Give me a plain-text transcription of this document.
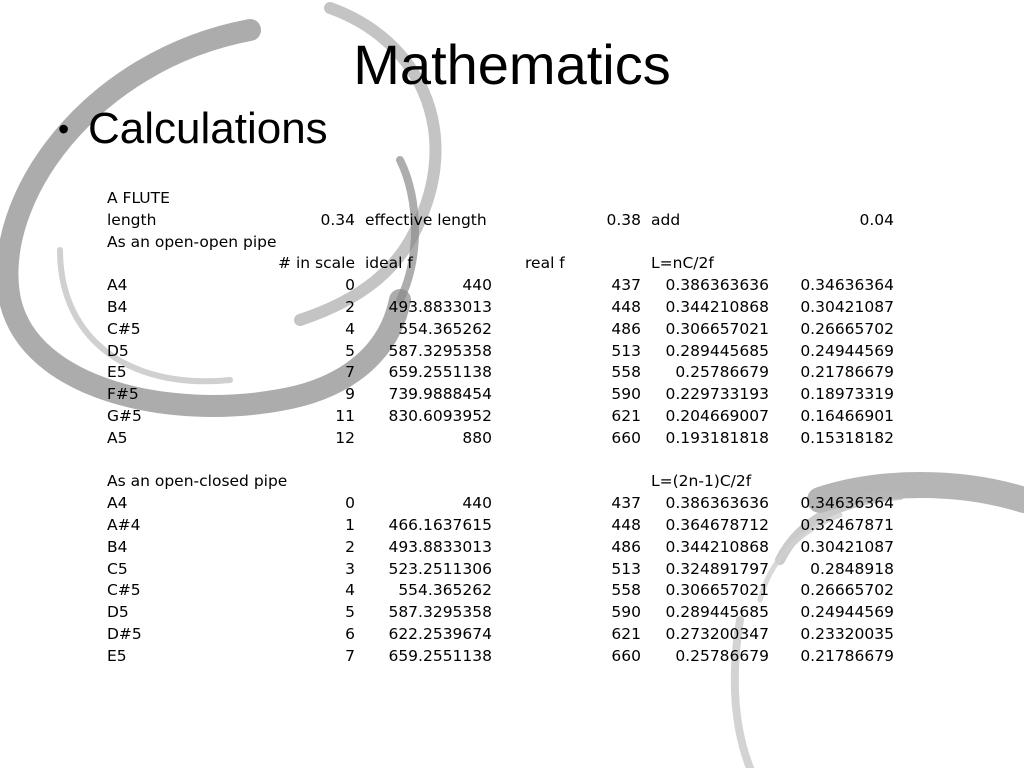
Mathematics
• Calculations
A FLUTE					
length	0.34	effective length	0.38	add	0.04
As an open-open pipe					
	# in scale	ideal f	real f	L=nC/2f	
A4	0	440	437	0.386363636	0.34636364
B4	2	493.8833013	448	0.344210868	0.30421087
C#5	4	554.365262	486	0.306657021	0.26665702
D5	5	587.3295358	513	0.289445685	0.24944569
E5	7	659.2551138	558	0.25786679	0.21786679
F#5	9	739.9888454	590	0.229733193	0.18973319
G#5	11	830.6093952	621	0.204669007	0.16466901
A5	12	880	660	0.193181818	0.15318182

As an open-closed pipe				L=(2n-1)C/2f	
A4	0	440	437	0.386363636	0.34636364
A#4	1	466.1637615	448	0.364678712	0.32467871
B4	2	493.8833013	486	0.344210868	0.30421087
C5	3	523.2511306	513	0.324891797	0.2848918
C#5	4	554.365262	558	0.306657021	0.26665702
D5	5	587.3295358	590	0.289445685	0.24944569
D#5	6	622.2539674	621	0.273200347	0.23320035
E5	7	659.2551138	660	0.25786679	0.21786679
